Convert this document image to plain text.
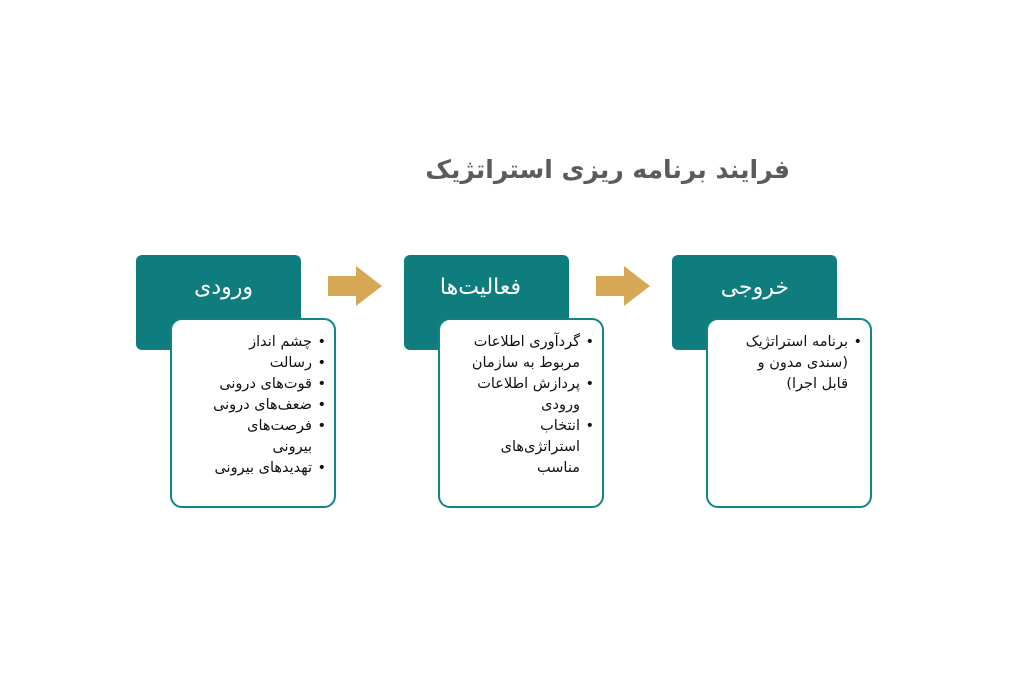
فرایند برنامه ریزی استراتژیک
ورودی
• چشم انداز
• رسالت
• قوت‌های درونی
• ضعف‌های درونی
• فرصت‌های
بیرونی
• تهدیدهای بیرونی
فعالیت‌ها
• گردآوری اطلاعات
مربوط به سازمان
• پردازش اطلاعات
ورودی
• انتخاب
استراتژی‌های
مناسب
خروجی
• برنامه استراتژیک
(سندی مدون و
قابل اجرا)
